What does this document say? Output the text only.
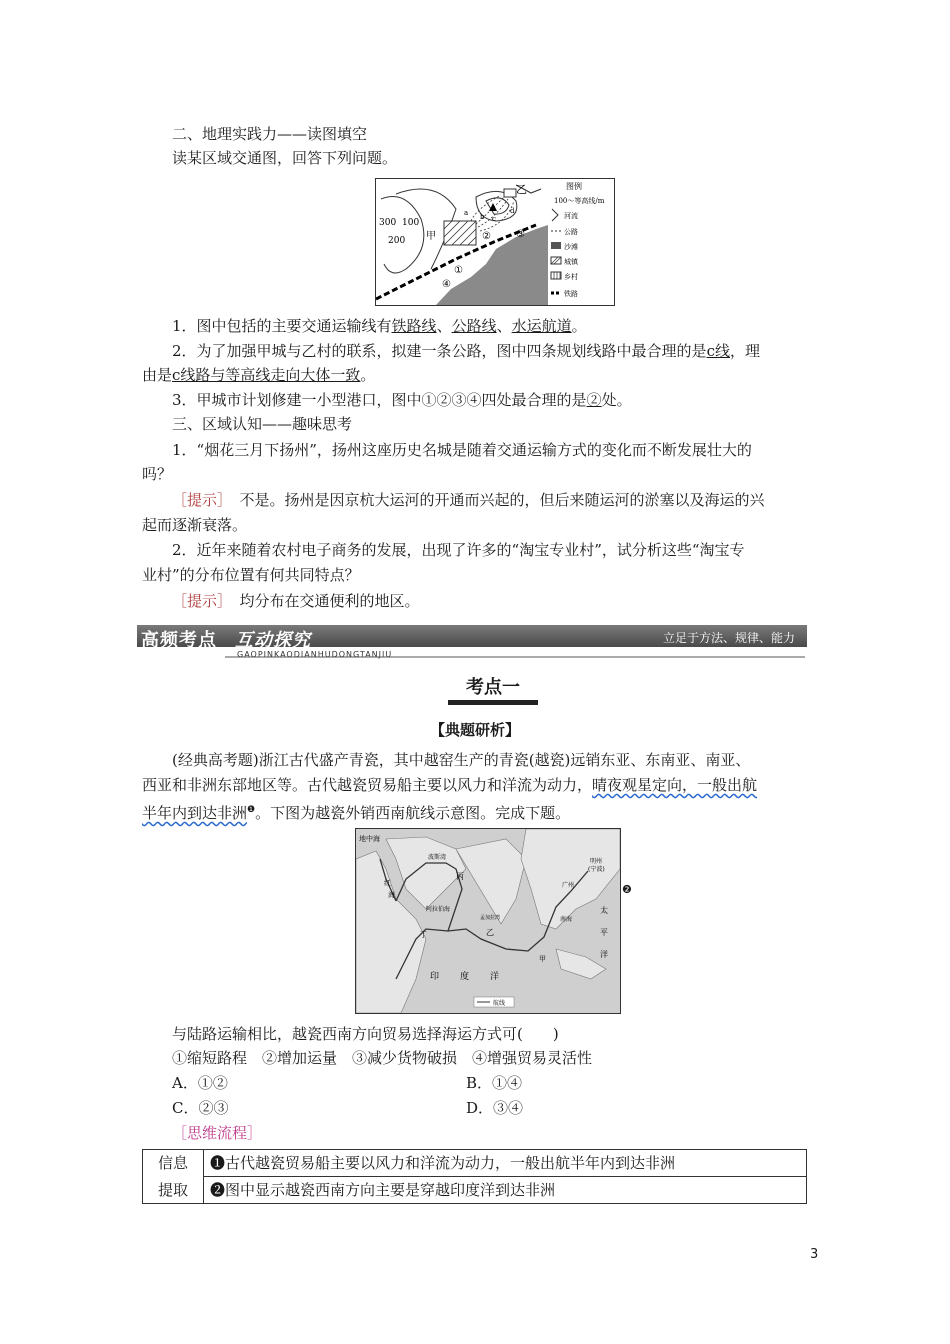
二、地理实践力——读图填空
读某区域交通图，回答下列问题。
乙
甲
300 100
200
a b c
d
①
②	③
④
图例
100～等高线/m
河流
公路
沙滩
城镇
乡村
铁路
1．图中包括的主要交通运输线有铁路线、公路线、水运航道。
2．为了加强甲城与乙村的联系，拟建一条公路，图中四条规划线路中最合理的是c线，理
由是c线路与等高线走向大体一致。
3．甲城市计划修建一小型港口，图中①②③④四处最合理的是②处。
三、区域认知——趣味思考
1．“烟花三月下扬州”，扬州这座历史名城是随着交通运输方式的变化而不断发展壮大的
吗？
［提示］　不是。扬州是因京杭大运河的开通而兴起的，但后来随运河的淤塞以及海运的兴
起而逐渐衰落。
2．近年来随着农村电子商务的发展，出现了许多的“淘宝专业村”，试分析这些“淘宝专
业村”的分布位置有何共同特点？
［提示］　均分布在交通便利的地区。
高频考点 互动探究	立足于方法、规律、能力
GAOPINKAODIANHUDONGTANJIU
考点一
【典题研析】
(经典高考题)浙江古代盛产青瓷，其中越窑生产的青瓷(越瓷)远销东亚、东南亚、南亚、
西亚和非洲东部地区等。古代越瓷贸易船主要以风力和洋流为动力，晴夜观星定向，一般出航
半年内到达非洲$^❶$。下图为越瓷外销西南航线示意图。完成下题。
地中海
红
海
波斯湾
丙
阿拉伯海
孟加拉湾
丁	乙
甲
南海
广州
明州
(宁波)
太
平
洋
印 度 洋
航线
❷
与陆路运输相比，越瓷西南方向贸易选择海运方式可(　　)
①缩短路程　②增加运量　③减少货物破损　④增强贸易灵活性
A．①②	B．①④
C．②③	D．③④
［思维流程］
信息	❶古代越瓷贸易船主要以风力和洋流为动力，一般出航半年内到达非洲
提取	❷图中显示越瓷西南方向主要是穿越印度洋到达非洲
3
